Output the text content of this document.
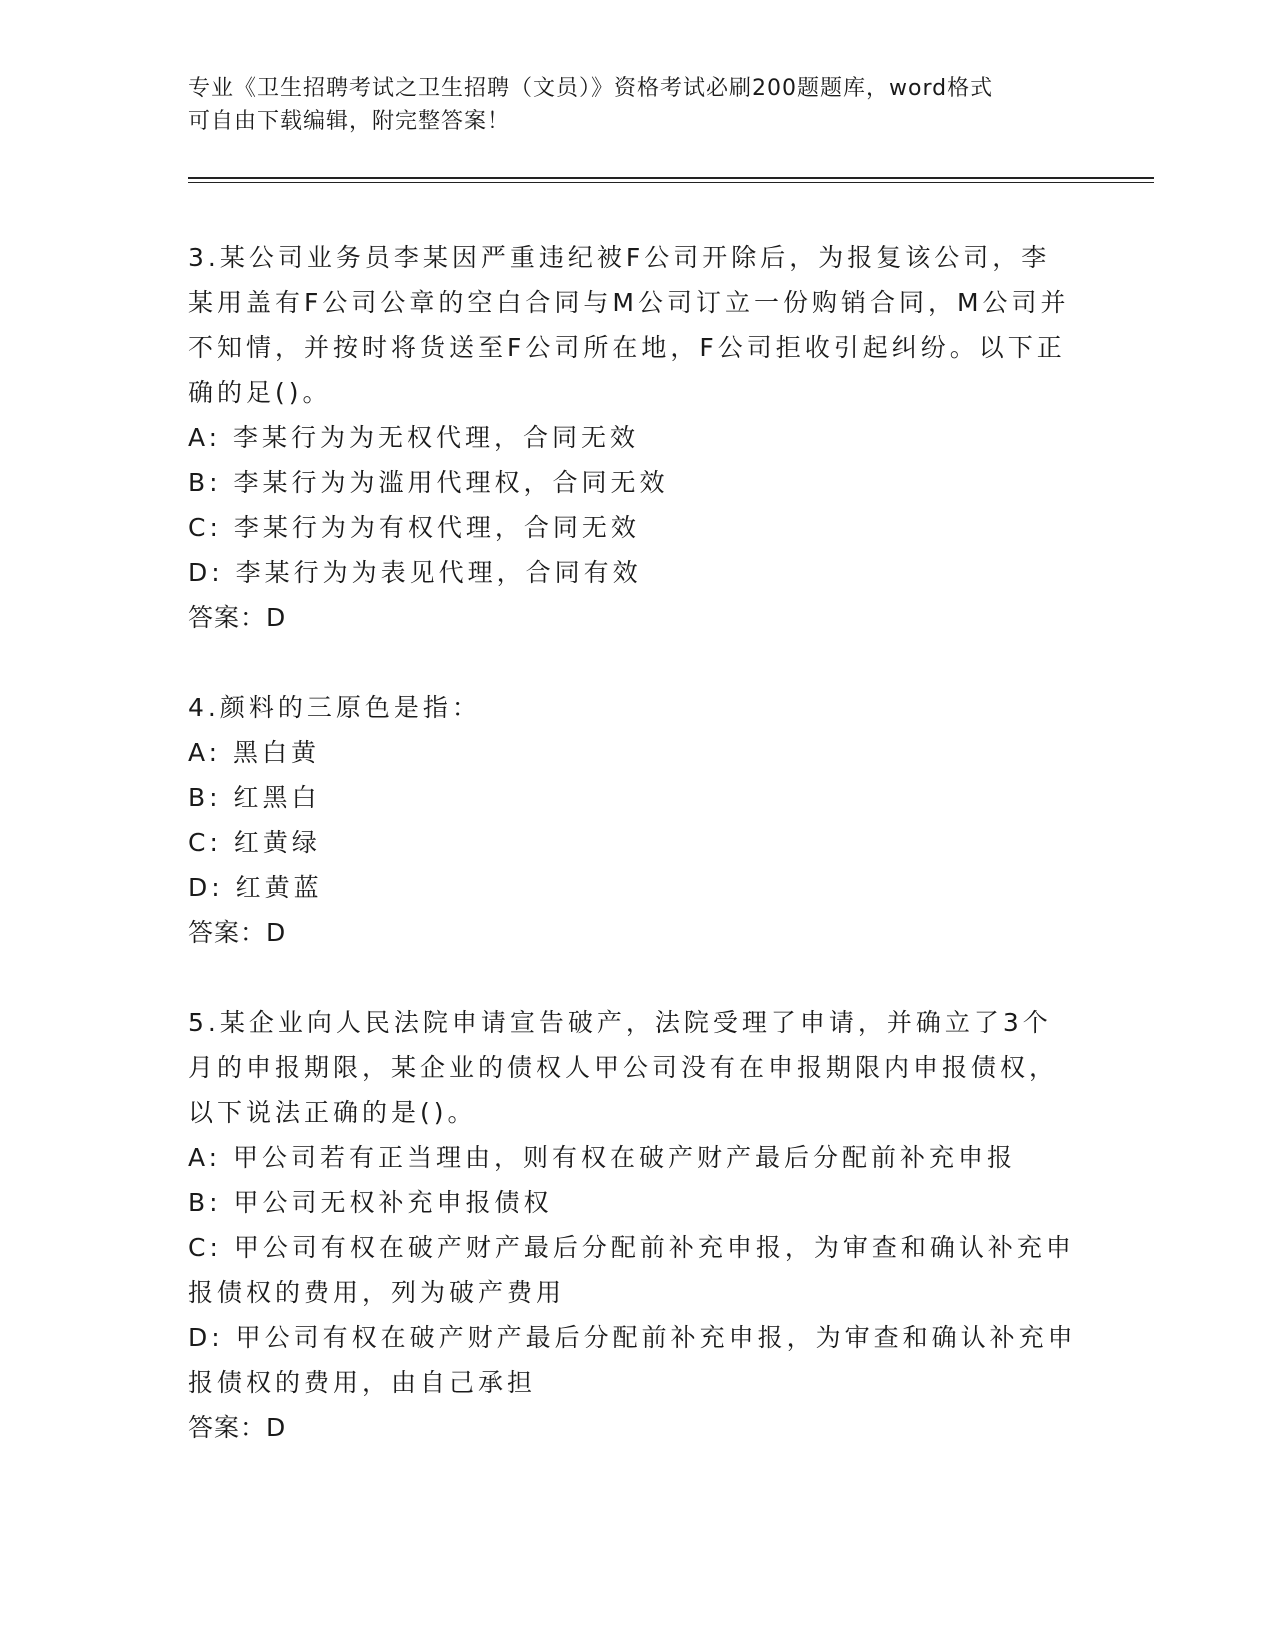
专业《卫生招聘考试之卫生招聘（文员）》资格考试必刷200题题库，word格式
可自由下载编辑，附完整答案！

3.某公司业务员李某因严重违纪被F公司开除后，为报复该公司，李

某用盖有F公司公章的空白合同与M公司订立一份购销合同，M公司并

不知情，并按时将货送至F公司所在地，F公司拒收引起纠纷。以下正

确的足()。

A: 李某行为为无权代理，合同无效

B: 李某行为为滥用代理权，合同无效

C: 李某行为为有权代理，合同无效

D: 李某行为为表见代理，合同有效

答案：D

4.颜料的三原色是指：

A: 黑白黄

B: 红黑白

C: 红黄绿

D: 红黄蓝

答案：D

5.某企业向人民法院申请宣告破产，法院受理了申请，并确立了3个

月的申报期限，某企业的债权人甲公司没有在申报期限内申报债权，

以下说法正确的是()。

A: 甲公司若有正当理由，则有权在破产财产最后分配前补充申报

B: 甲公司无权补充申报债权

C: 甲公司有权在破产财产最后分配前补充申报，为审查和确认补充申

报债权的费用，列为破产费用

D: 甲公司有权在破产财产最后分配前补充申报，为审查和确认补充申

报债权的费用，由自己承担

答案：D
